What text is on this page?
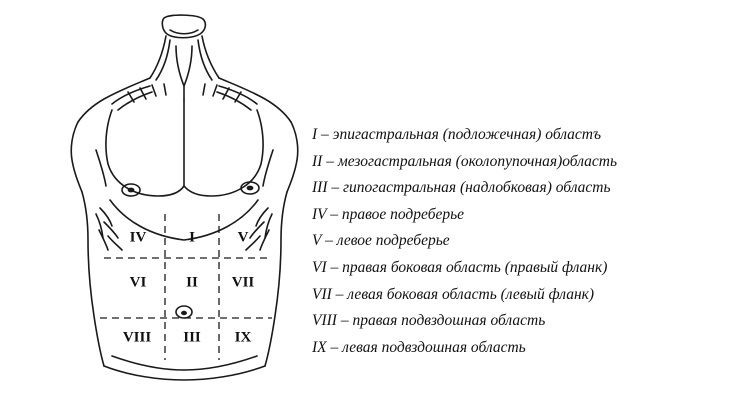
IV	I	V
VI	II VII
VIII III IX
I – эпигастральная (подложечная) областъ
II – мезогастральная (околопупочная)область
III – гипогастральная (надлобковая) область
IV – правое подреберье
V – левое подреберье
VI – правая боковая область (правый фланк)
VII – левая боковая область (левый фланк)
VIII – правая подвздошная область
IX – левая подвздошная область
